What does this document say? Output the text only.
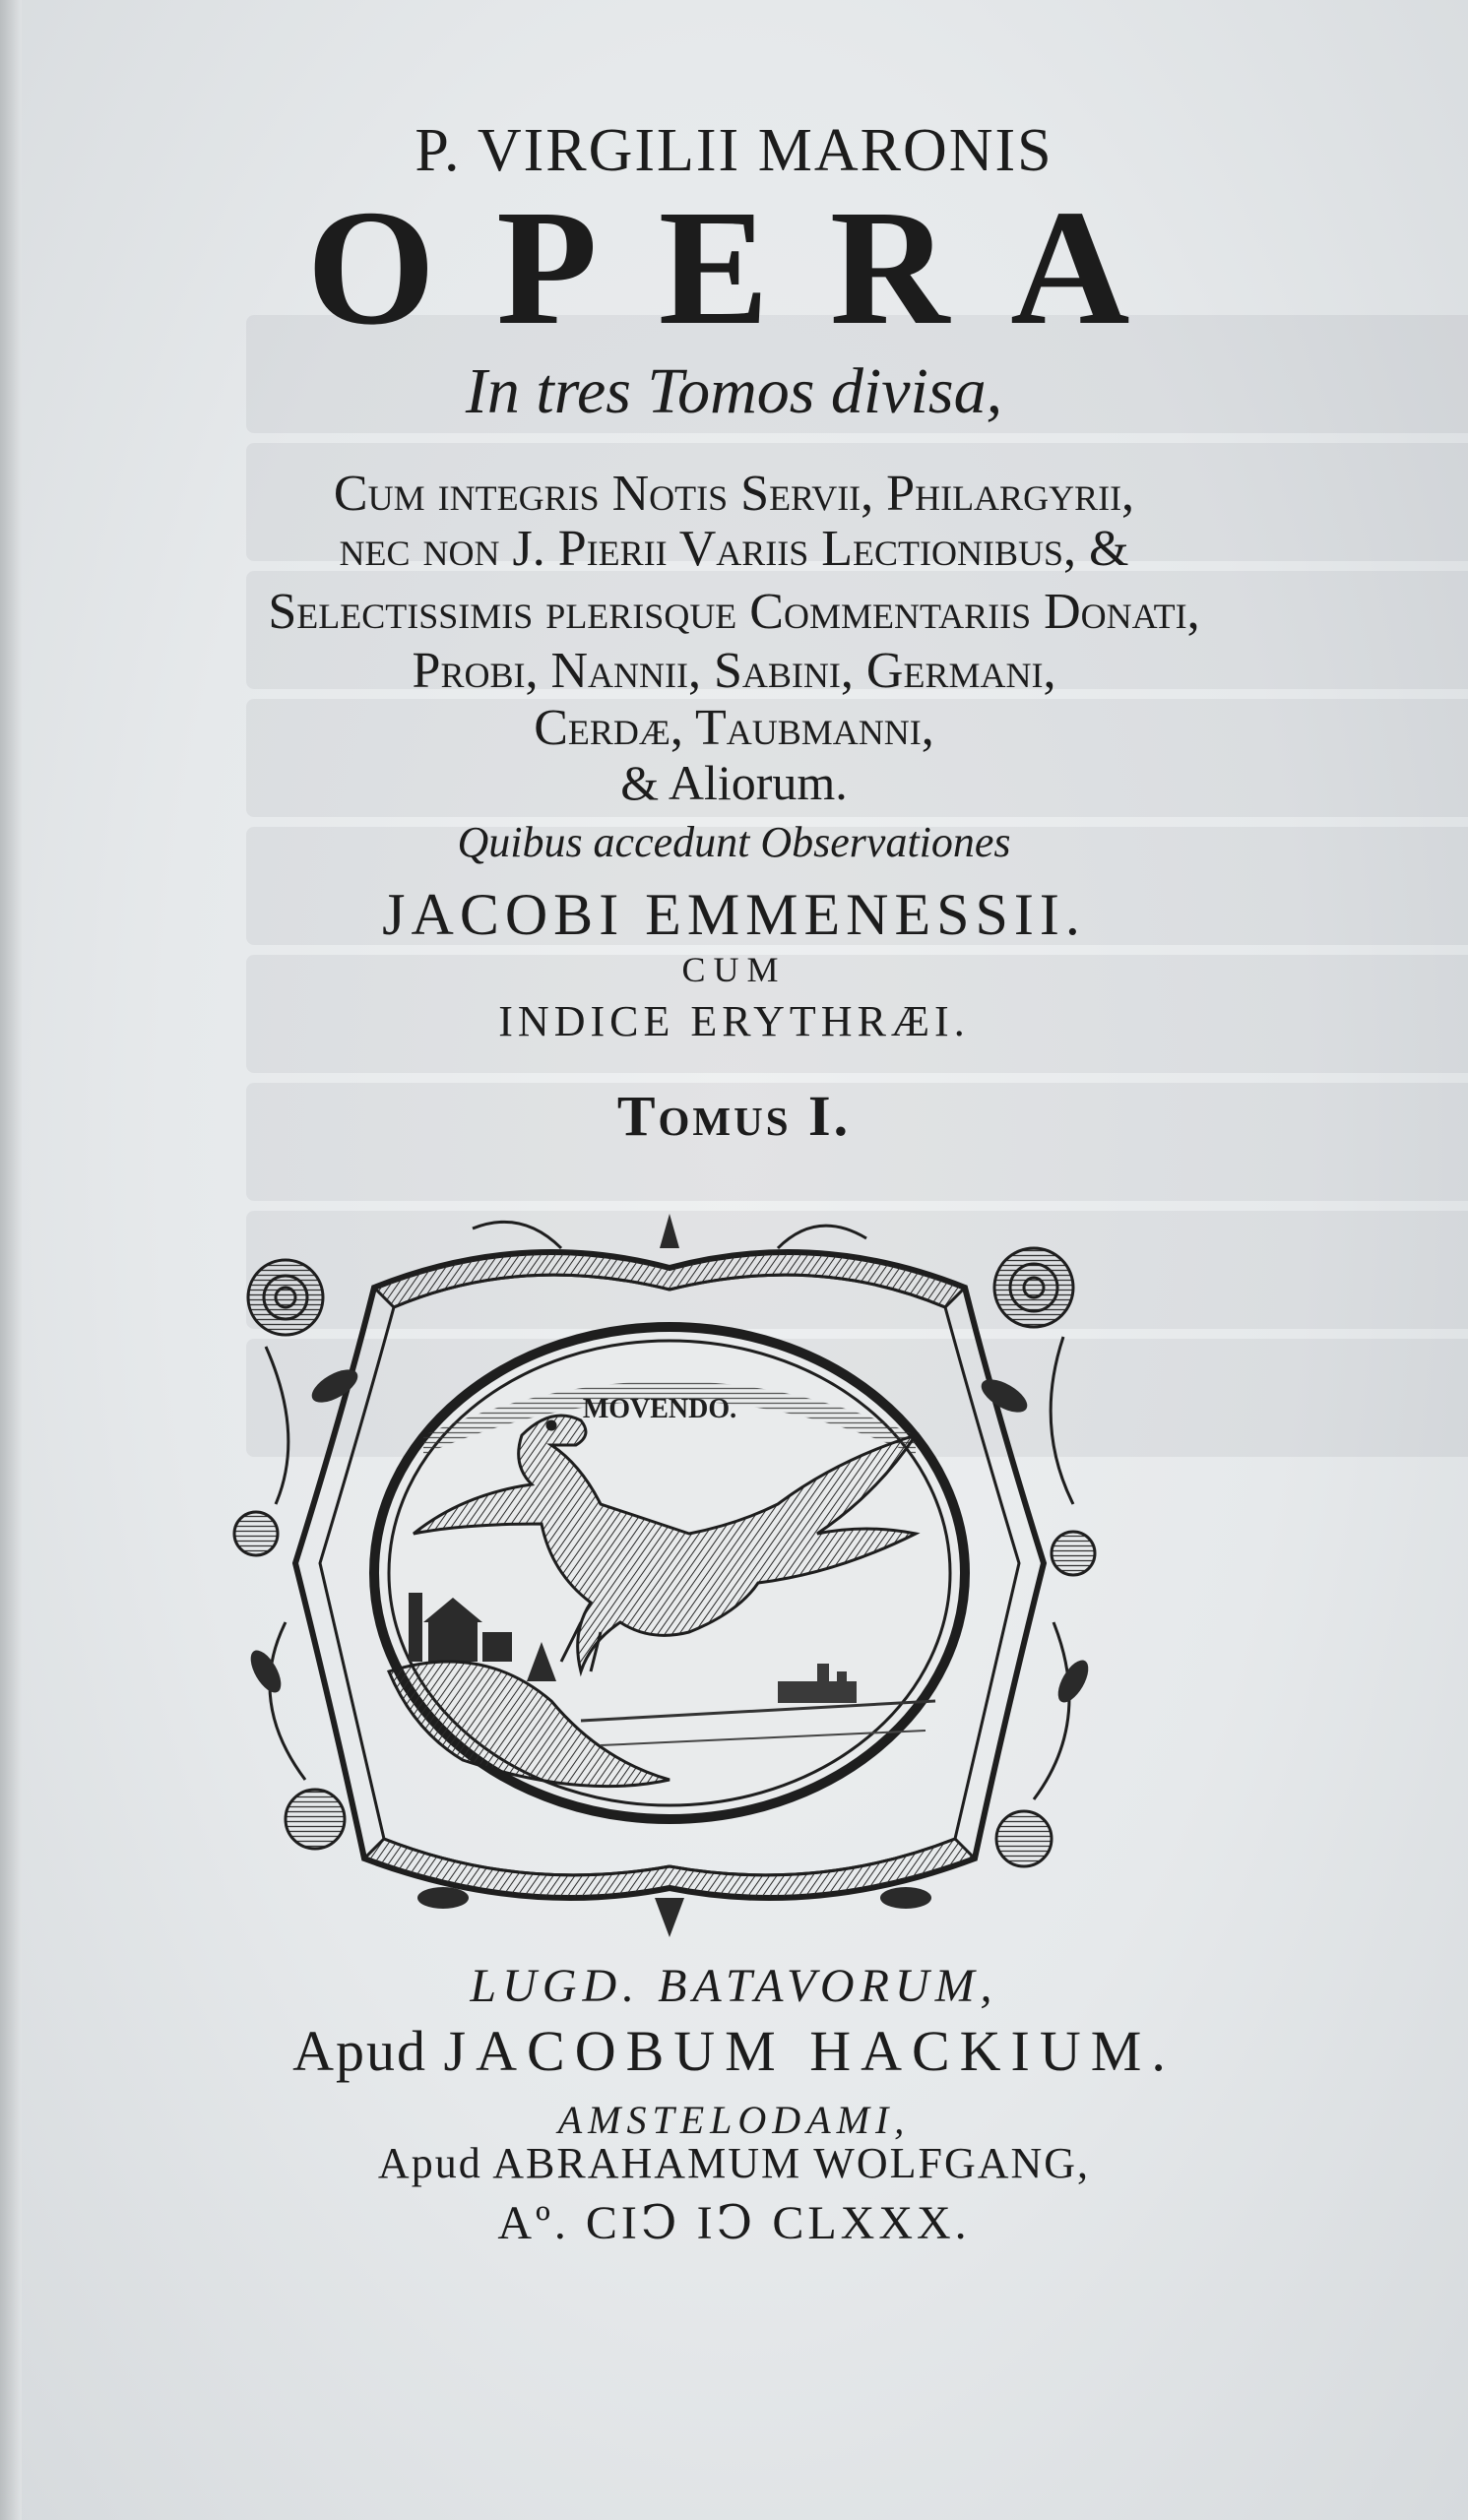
P. VIRGILII MARONIS
OPERA
In tres Tomos divisa,
Cum integris Notis Servii, Philargyrii,
nec non J. Pierii Variis Lectionibus, &
Selectissimis plerisque Commentariis Donati,
Probi, Nannii, Sabini, Germani,
Cerdæ, Taubmanni,
& Aliorum.
Quibus accedunt Observationes
JACOBI EMMENESSII.
CUM
INDICE ERYTHRÆI.
Tomus I.
MOVENDO.
LUGD. BATAVORUM,
Apud JACOBUM HACKIUM.
AMSTELODAMI,
Apud ABRAHAMUM WOLFGANG,
Aº. CIↃ IↃ CLXXX.
